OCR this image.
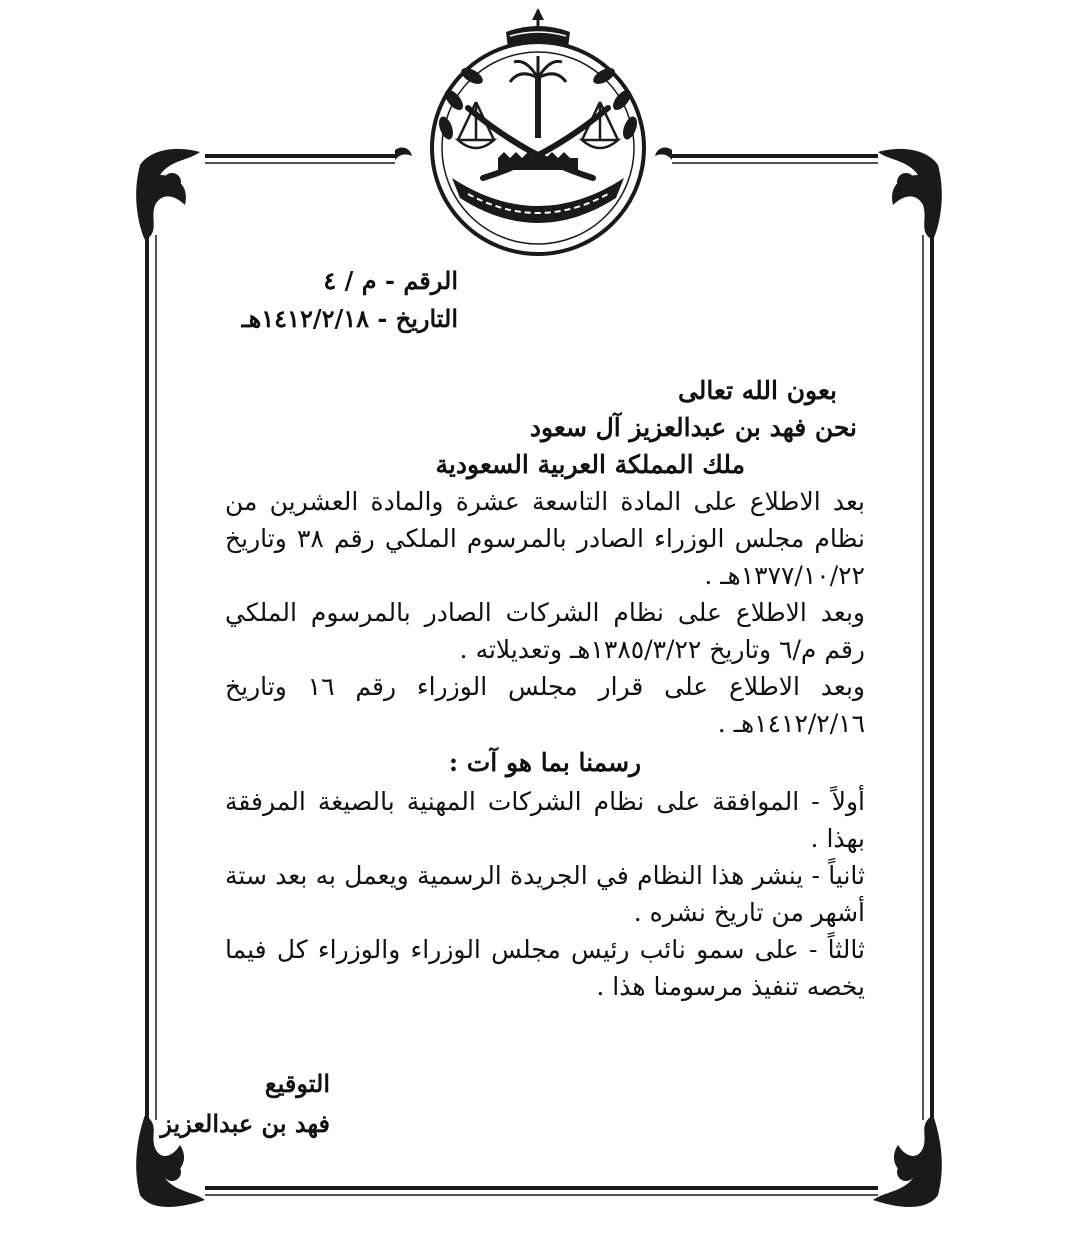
الرقم - م / ٤
التاريخ - ١٤١٢/٢/١٨هـ

بعون الله تعالى

نحن فهد بن عبدالعزيز آل سعود

ملك المملكة العربية السعودية

بعد الاطلاع على المادة التاسعة عشرة والمادة العشرين من نظام مجلس الوزراء الصادر بالمرسوم الملكي رقم ٣٨ وتاريخ ١٣٧٧/١٠/٢٢هـ .

وبعد الاطلاع على نظام الشركات الصادر بالمرسوم الملكي رقم م/٦ وتاريخ ١٣٨٥/٣/٢٢هـ وتعديلاته .

وبعد الاطلاع على قرار مجلس الوزراء رقم ١٦ وتاريخ ١٤١٢/٢/١٦هـ .

رسمنا بما هو آت :

أولاً - الموافقة على نظام الشركات المهنية بالصيغة المرفقة بهذا .

ثانياً - ينشر هذا النظام في الجريدة الرسمية ويعمل به بعد ستة أشهر من تاريخ نشره .

ثالثاً - على سمو نائب رئيس مجلس الوزراء والوزراء كل فيما يخصه تنفيذ مرسومنا هذا .

التوقيع
فهد بن عبدالعزيز
